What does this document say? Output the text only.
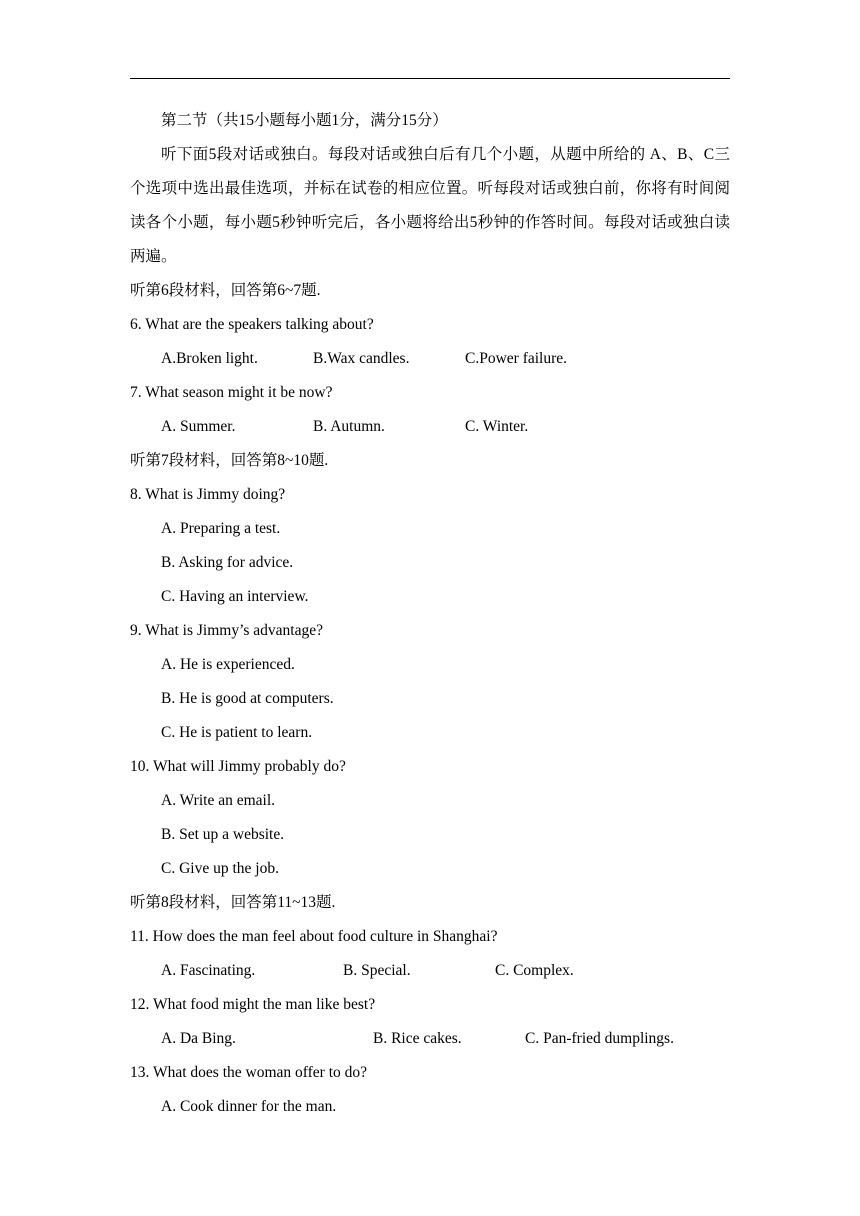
第二节（共15小题每小题1分，满分15分）
听下面5段对话或独白。每段对话或独白后有几个小题，从题中所给的 A、B、C三个选项中选出最佳选项，并标在试卷的相应位置。听每段对话或独白前，你将有时间阅读各个小题，每小题5秒钟听完后，各小题将给出5秒钟的作答时间。每段对话或独白读两遍。
听第6段材料，回答第6~7题.
6. What are the speakers talking about?
A.Broken light.	B.Wax candles.	C.Power failure.
7. What season might it be now?
A. Summer.	B. Autumn.	C. Winter.
听第7段材料，回答第8~10题.
8. What is Jimmy doing?
A. Preparing a test.
B. Asking for advice.
C. Having an interview.
9. What is Jimmy’s advantage?
A. He is experienced.
B. He is good at computers.
C. He is patient to learn.
10. What will Jimmy probably do?
A. Write an email.
B. Set up a website.
C. Give up the job.
听第8段材料，回答第11~13题.
11. How does the man feel about food culture in Shanghai?
A. Fascinating.	B. Special.	C. Complex.
12. What food might the man like best?
A. Da Bing.	B. Rice cakes.	C. Pan-fried dumplings.
13. What does the woman offer to do?
A. Cook dinner for the man.
